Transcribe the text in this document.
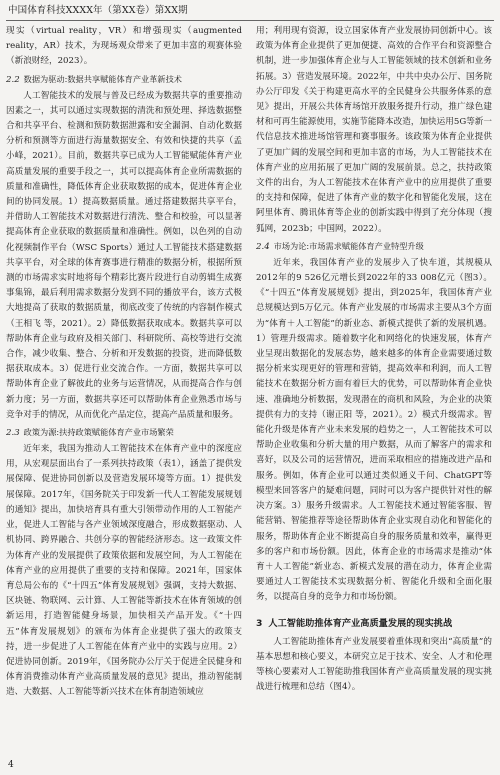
中国体育科技XXXX年（第XX卷）第XX期

现实（virtual reality，VR）和增强现实（augmented reality，AR）技术，为现场观众带来了更加丰富的观赛体验（新浪财经，2023）。

2.2 数据为驱动:数据共享赋能体育产业革新技术

人工智能技术的发展与普及已经成为数据共享的重要推动因素之一，其可以通过实现数据的清洗和预处理、择选数据整合和共享平台、检测和预防数据泄露和安全漏洞、自动化数据分析和预测等方面进行海量数据安全、有效和快捷的共享（孟小峰，2021）。目前，数据共享已成为人工智能赋能体育产业高质量发展的重要手段之一，其可以提高体育企业所需数据的质量和准确性，降低体育企业获取数据的成本，促进体育企业间的协同发展。1）提高数据质量。通过搭建数据共享平台，并借助人工智能技术对数据进行清洗、整合和校验，可以显著提高体育企业获取的数据质量和准确性。例如，以色列的自动化视频制作平台（WSC Sports）通过人工智能技术搭建数据共享平台，对全球的体育赛事进行精准的数据分析，根据所预测的市场需求实时地将每个精彩比赛片段进行自动剪辑生成赛事集锦，最后利用需求数据分发到不同的播放平台，该方式极大地提高了获取的数据质量，彻底改变了传统的内容制作模式（王相飞 等，2021）。2）降低数据获取成本。数据共享可以帮助体育企业与政府及相关部门、科研院所、高校等进行交流合作，减少收集、整合、分析和开发数据的投资，进而降低数据获取成本。3）促进行业交流合作。一方面，数据共享可以帮助体育企业了解彼此的业务与运营情况，从而提高合作与创新力度；另一方面，数据共享还可以帮助体育企业熟悉市场与竞争对手的情况，从而优化产品定位，提高产品质量和服务。

2.3 政策为源:扶持政策赋能体育产业市场繁荣

近年来，我国为推动人工智能技术在体育产业中的深度应用，从宏观层面出台了一系列扶持政策（表1），涵盖了提供发展保障、促进协同创新以及营造发展环境等方面。1）提供发展保障。2017年，《国务院关于印发新一代人工智能发展规划的通知》提出，加快培育具有重大引领带动作用的人工智能产业，促进人工智能与各产业领域深度融合，形成数据驱动、人机协同、跨界融合、共创分享的智能经济形态。这一政策文件为体育产业的发展提供了政策依据和发展空间，为人工智能在体育产业的应用提供了重要的支持和保障。2021年，国家体育总局公布的《“十四五”体育发展规划》强调，支持大数据、区块链、物联网、云计算、人工智能等新技术在体育领域的创新运用，打造智能健身场景，加快相关产品开发。《“十四五”体育发展规划》的颁布为体育企业提供了强大的政策支持，进一步促进了人工智能在体育产业中的实践与应用。2）促进协同创新。2019年，《国务院办公厅关于促进全民健身和体育消费推动体育产业高质量发展的意见》提出，推动智能制造、大数据、人工智能等新兴技术在体育制造领域应

用；利用现有资源，设立国家体育产业发展协同创新中心。该政策为体育企业提供了更加便捷、高效的合作平台和资源整合机制，进一步加强体育企业与人工智能领域的技术创新和业务拓展。3）营造发展环境。2022年，中共中央办公厅、国务院办公厅印发《关于构建更高水平的全民健身公共服务体系的意见》提出，开展公共体育场馆开放服务提升行动，推广绿色建材和可再生能源使用，实施节能降本改造，加快运用5G等新一代信息技术推进场馆管理和赛事服务。该政策为体育企业提供了更加广阔的发展空间和更加丰富的市场，为人工智能技术在体育产业的应用拓展了更加广阔的发展前景。总之，扶持政策文件的出台，为人工智能技术在体育产业中的应用提供了重要的支持和保障，促进了体育产业的数字化和智能化发展，这在阿里体育、腾讯体育等企业的创新实践中得到了充分体现（搜狐网，2023b；中国网，2022）。

2.4 市场为论:市场需求赋能体育产业特型升级

近年来，我国体育产业的发展步入了快车道，其规模从2012年的9 526亿元增长到2022年的33 008亿元（图3）。《“十四五”体育发展规划》提出，到2025年，我国体育产业总规模达到5万亿元。体育产业发展的市场需求主要从3个方面为“体育＋人工智能”的新业态、新模式提供了新的发展机遇。1）管理升级需求。随着数字化和网络化的快速发展，体育产业呈现出数据化的发展态势，越来越多的体育企业需要通过数据分析来实现更好的管理和营销，提高效率和利润，而人工智能技术在数据分析方面有着巨大的优势，可以帮助体育企业快速、准确地分析数据，发现潜在的商机和风险，为企业的决策提供有力的支持（谢正阳 等，2021）。2）模式升级需求。智能化升级是体育产业未来发展的趋势之一，人工智能技术可以帮助企业收集和分析大量的用户数据，从而了解客户的需求和喜好，以及公司的运营情况，进而采取相应的措施改进产品和服务。例如，体育企业可以通过类似通义千问、ChatGPT等模型来回答客户的疑难问题，同时可以为客户提供针对性的解决方案。3）服务升级需求。人工智能技术通过智能客服、智能营销、智能推荐等途径帮助体育企业实现自动化和智能化的服务，帮助体育企业不断提高自身的服务质量和效率，赢得更多的客户和市场份额。因此，体育企业的市场需求是推动“体育＋人工智能”新业态、新模式发展的潜在动力，体育企业需要通过人工智能技术实现数据分析、智能化升级和全面化服务，以提高自身的竞争力和市场份额。

3 人工智能助推体育产业高质量发展的现实挑战

人工智能助推体育产业发展要着重体现和突出“高质量”的基本思想和核心要义，本研究立足于技术、安全、人才和伦理等核心要素对人工智能助推我国体育产业高质量发展的现实挑战进行梳理和总结（图4）。

4
